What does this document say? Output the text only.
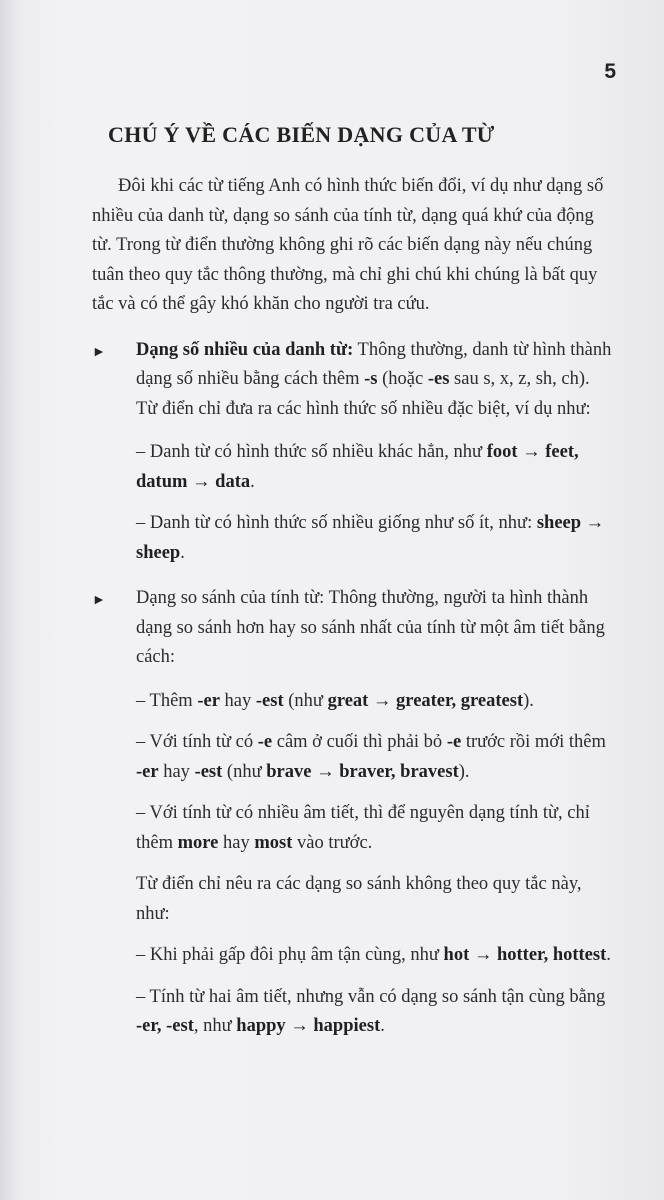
5
CHÚ Ý VỀ CÁC BIẾN DẠNG CỦA TỪ

Đôi khi các từ tiếng Anh có hình thức biến đổi, ví dụ như dạng số nhiều của danh từ, dạng so sánh của tính từ, dạng quá khứ của động từ. Trong từ điển thường không ghi rõ các biến dạng này nếu chúng tuân theo quy tắc thông thường, mà chỉ ghi chú khi chúng là bất quy tắc và có thể gây khó khăn cho người tra cứu.

► Dạng số nhiều của danh từ: Thông thường, danh từ hình thành dạng số nhiều bằng cách thêm -s (hoặc -es sau s, x, z, sh, ch). Từ điển chỉ đưa ra các hình thức số nhiều đặc biệt, ví dụ như:

– Danh từ có hình thức số nhiều khác hẳn, như foot → feet, datum → data.

– Danh từ có hình thức số nhiều giống như số ít, như: sheep → sheep.

► Dạng so sánh của tính từ: Thông thường, người ta hình thành dạng so sánh hơn hay so sánh nhất của tính từ một âm tiết bằng cách:

– Thêm -er hay -est (như great → greater, greatest).

– Với tính từ có -e câm ở cuối thì phải bỏ -e trước rồi mới thêm -er hay -est (như brave → braver, bravest).

– Với tính từ có nhiều âm tiết, thì để nguyên dạng tính từ, chỉ thêm more hay most vào trước.

Từ điển chỉ nêu ra các dạng so sánh không theo quy tắc này, như:

– Khi phải gấp đôi phụ âm tận cùng, như hot → hotter, hottest.

– Tính từ hai âm tiết, nhưng vẫn có dạng so sánh tận cùng bằng -er, -est, như happy → happiest.
